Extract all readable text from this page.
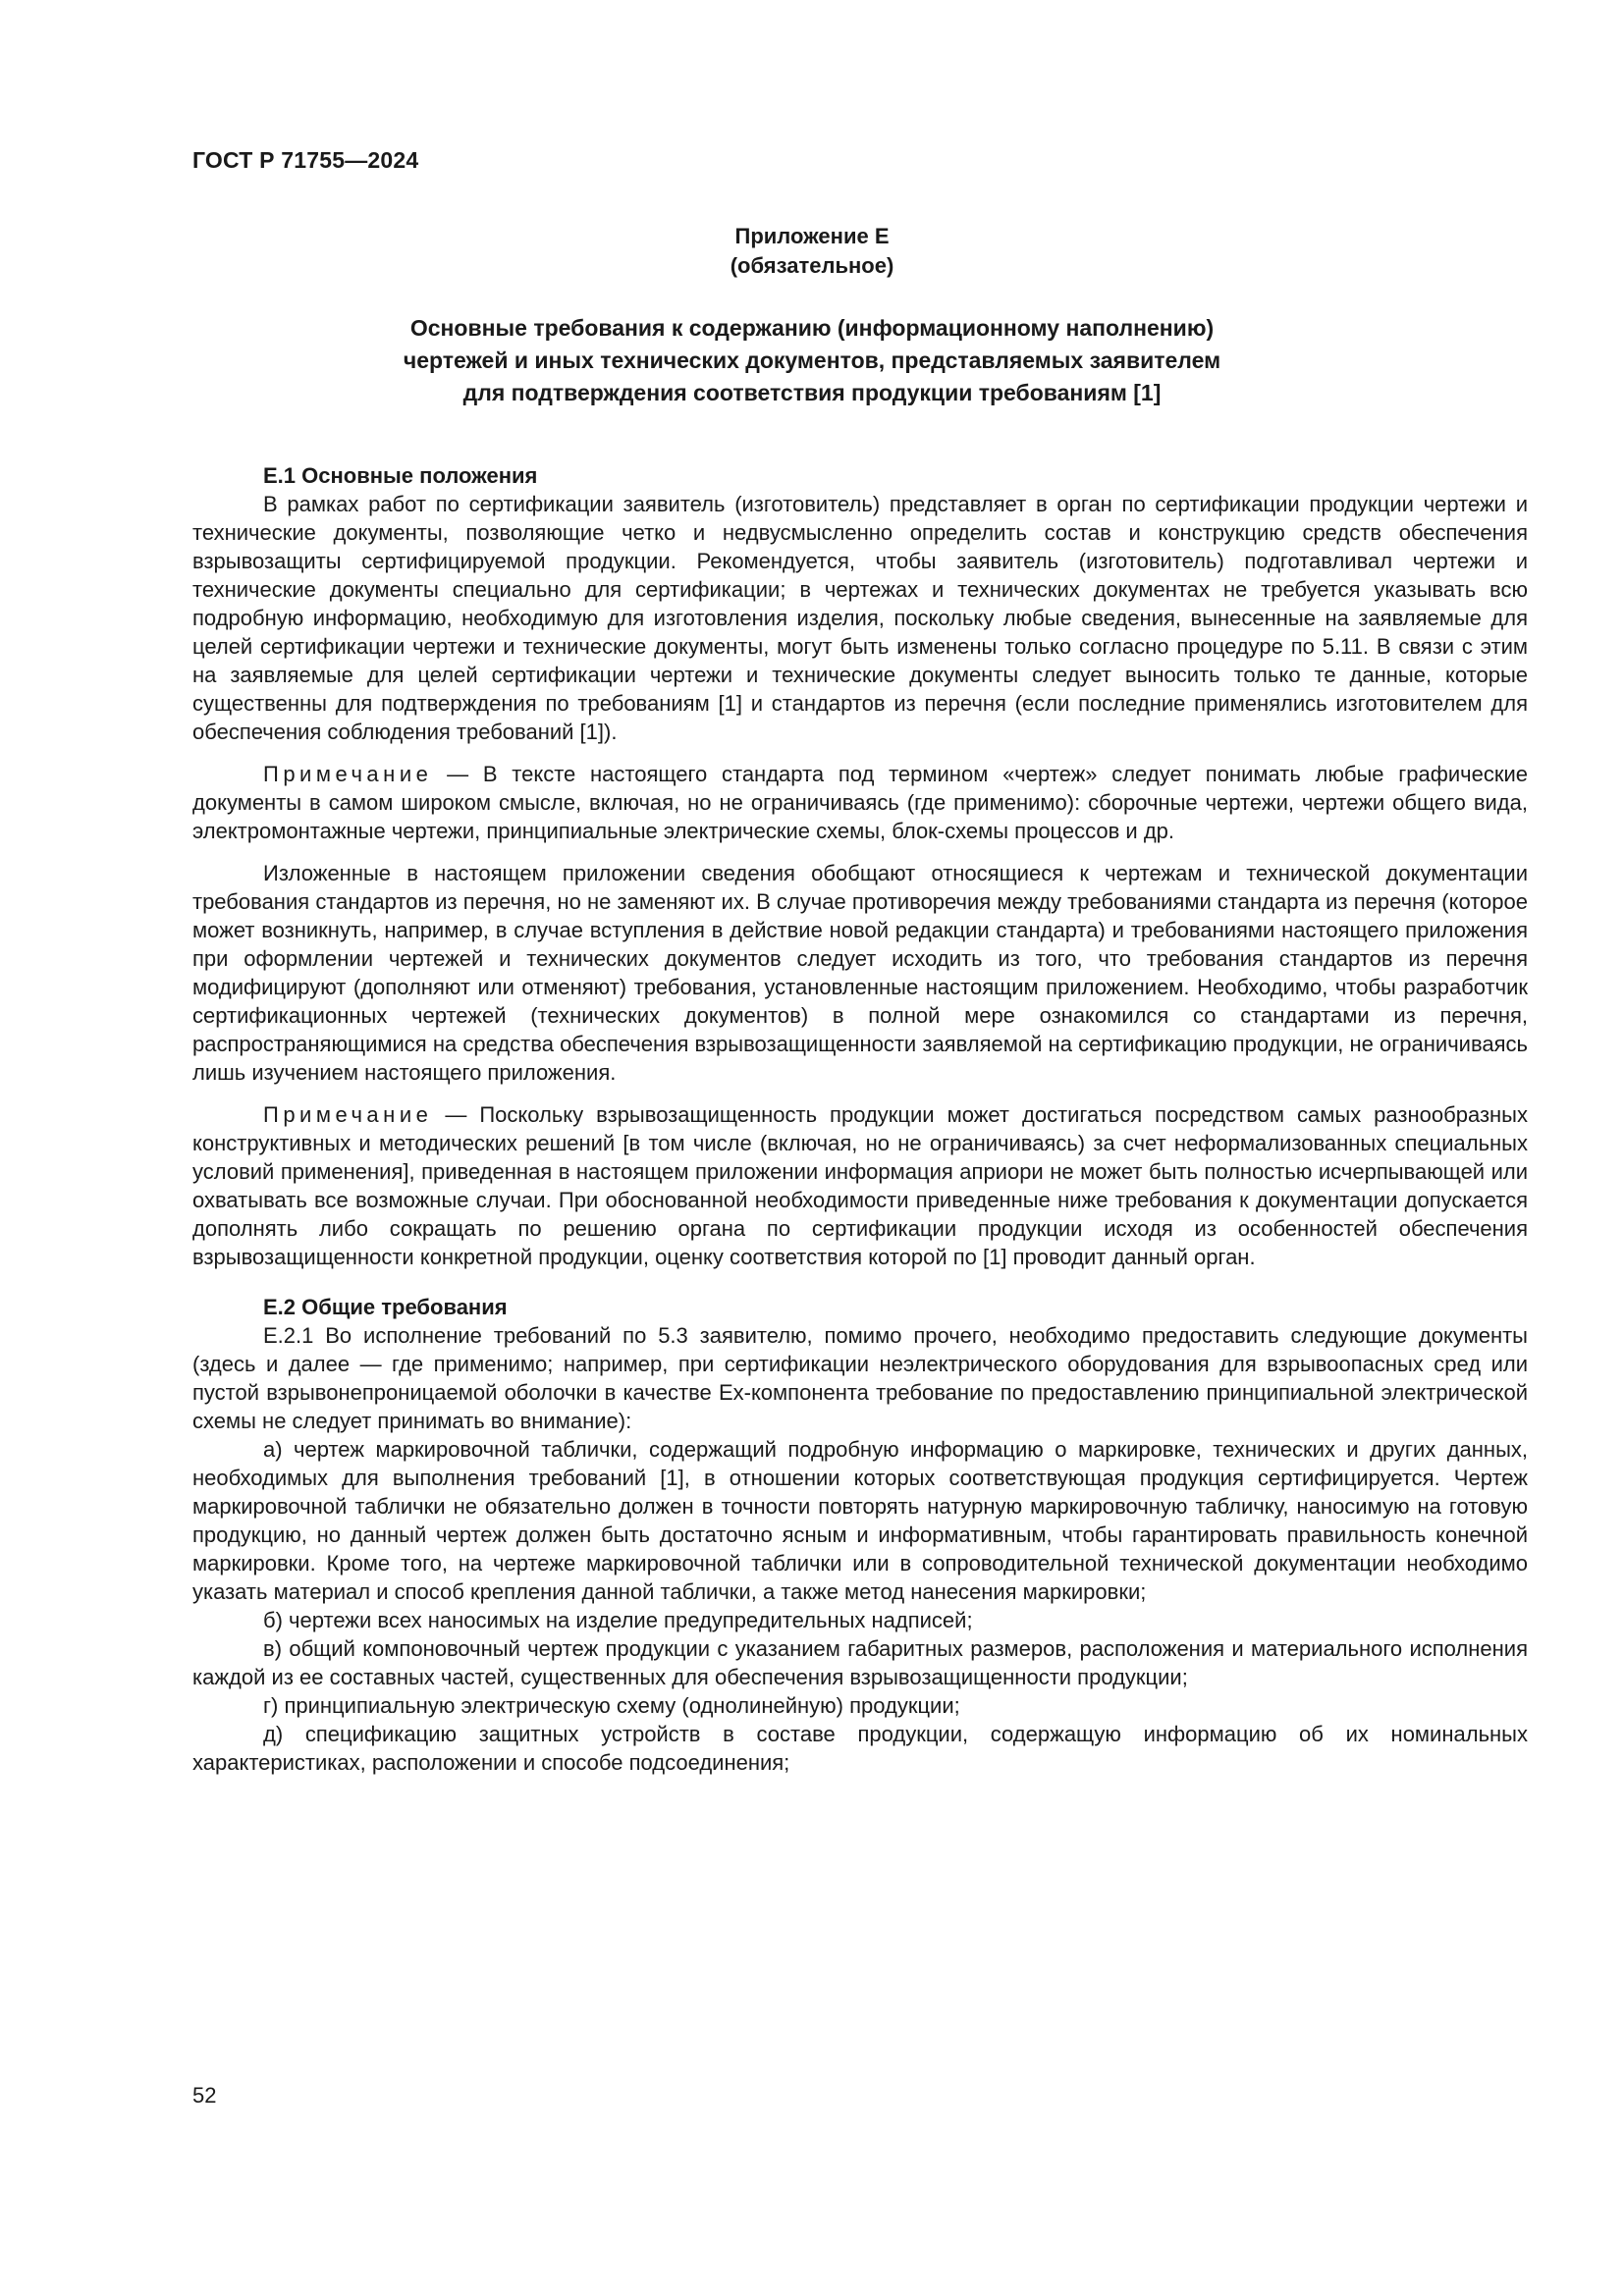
ГОСТ Р 71755—2024
Приложение Е
(обязательное)
Основные требования к содержанию (информационному наполнению)
чертежей и иных технических документов, представляемых заявителем
для подтверждения соответствия продукции требованиям [1]
Е.1 Основные положения

В рамках работ по сертификации заявитель (изготовитель) представляет в орган по сертификации продукции чертежи и технические документы, позволяющие четко и недвусмысленно определить состав и конструкцию средств обеспечения взрывозащиты сертифицируемой продукции. Рекомендуется, чтобы заявитель (изготовитель) подготавливал чертежи и технические документы специально для сертификации; в чертежах и технических документах не требуется указывать всю подробную информацию, необходимую для изготовления изделия, поскольку любые сведения, вынесенные на заявляемые для целей сертификации чертежи и технические документы, могут быть изменены только согласно процедуре по 5.11. В связи с этим на заявляемые для целей сертификации чертежи и технические документы следует выносить только те данные, которые существенны для подтверждения по требованиям [1] и стандартов из перечня (если последние применялись изготовителем для обеспечения соблюдения требований [1]).

Примечание — В тексте настоящего стандарта под термином «чертеж» следует понимать любые графические документы в самом широком смысле, включая, но не ограничиваясь (где применимо): сборочные чертежи, чертежи общего вида, электромонтажные чертежи, принципиальные электрические схемы, блок-схемы процессов и др.

Изложенные в настоящем приложении сведения обобщают относящиеся к чертежам и технической документации требования стандартов из перечня, но не заменяют их. В случае противоречия между требованиями стандарта из перечня (которое может возникнуть, например, в случае вступления в действие новой редакции стандарта) и требованиями настоящего приложения при оформлении чертежей и технических документов следует исходить из того, что требования стандартов из перечня модифицируют (дополняют или отменяют) требования, установленные настоящим приложением. Необходимо, чтобы разработчик сертификационных чертежей (технических документов) в полной мере ознакомился со стандартами из перечня, распространяющимися на средства обеспечения взрывозащищенности заявляемой на сертификацию продукции, не ограничиваясь лишь изучением настоящего приложения.

Примечание — Поскольку взрывозащищенность продукции может достигаться посредством самых разнообразных конструктивных и методических решений [в том числе (включая, но не ограничиваясь) за счет неформализованных специальных условий применения], приведенная в настоящем приложении информация априори не может быть полностью исчерпывающей или охватывать все возможные случаи. При обоснованной необходимости приведенные ниже требования к документации допускается дополнять либо сокращать по решению органа по сертификации продукции исходя из особенностей обеспечения взрывозащищенности конкретной продукции, оценку соответствия которой по [1] проводит данный орган.

Е.2 Общие требования

Е.2.1 Во исполнение требований по 5.3 заявителю, помимо прочего, необходимо предоставить следующие документы (здесь и далее — где применимо; например, при сертификации неэлектрического оборудования для взрывоопасных сред или пустой взрывонепроницаемой оболочки в качестве Ex-компонента требование по предоставлению принципиальной электрической схемы не следует принимать во внимание):

а) чертеж маркировочной таблички, содержащий подробную информацию о маркировке, технических и других данных, необходимых для выполнения требований [1], в отношении которых соответствующая продукция сертифицируется. Чертеж маркировочной таблички не обязательно должен в точности повторять натурную маркировочную табличку, наносимую на готовую продукцию, но данный чертеж должен быть достаточно ясным и информативным, чтобы гарантировать правильность конечной маркировки. Кроме того, на чертеже маркировочной таблички или в сопроводительной технической документации необходимо указать материал и способ крепления данной таблички, а также метод нанесения маркировки;

б) чертежи всех наносимых на изделие предупредительных надписей;

в) общий компоновочный чертеж продукции с указанием габаритных размеров, расположения и материального исполнения каждой из ее составных частей, существенных для обеспечения взрывозащищенности продукции;

г) принципиальную электрическую схему (однолинейную) продукции;

д) спецификацию защитных устройств в составе продукции, содержащую информацию об их номинальных характеристиках, расположении и способе подсоединения;

52
